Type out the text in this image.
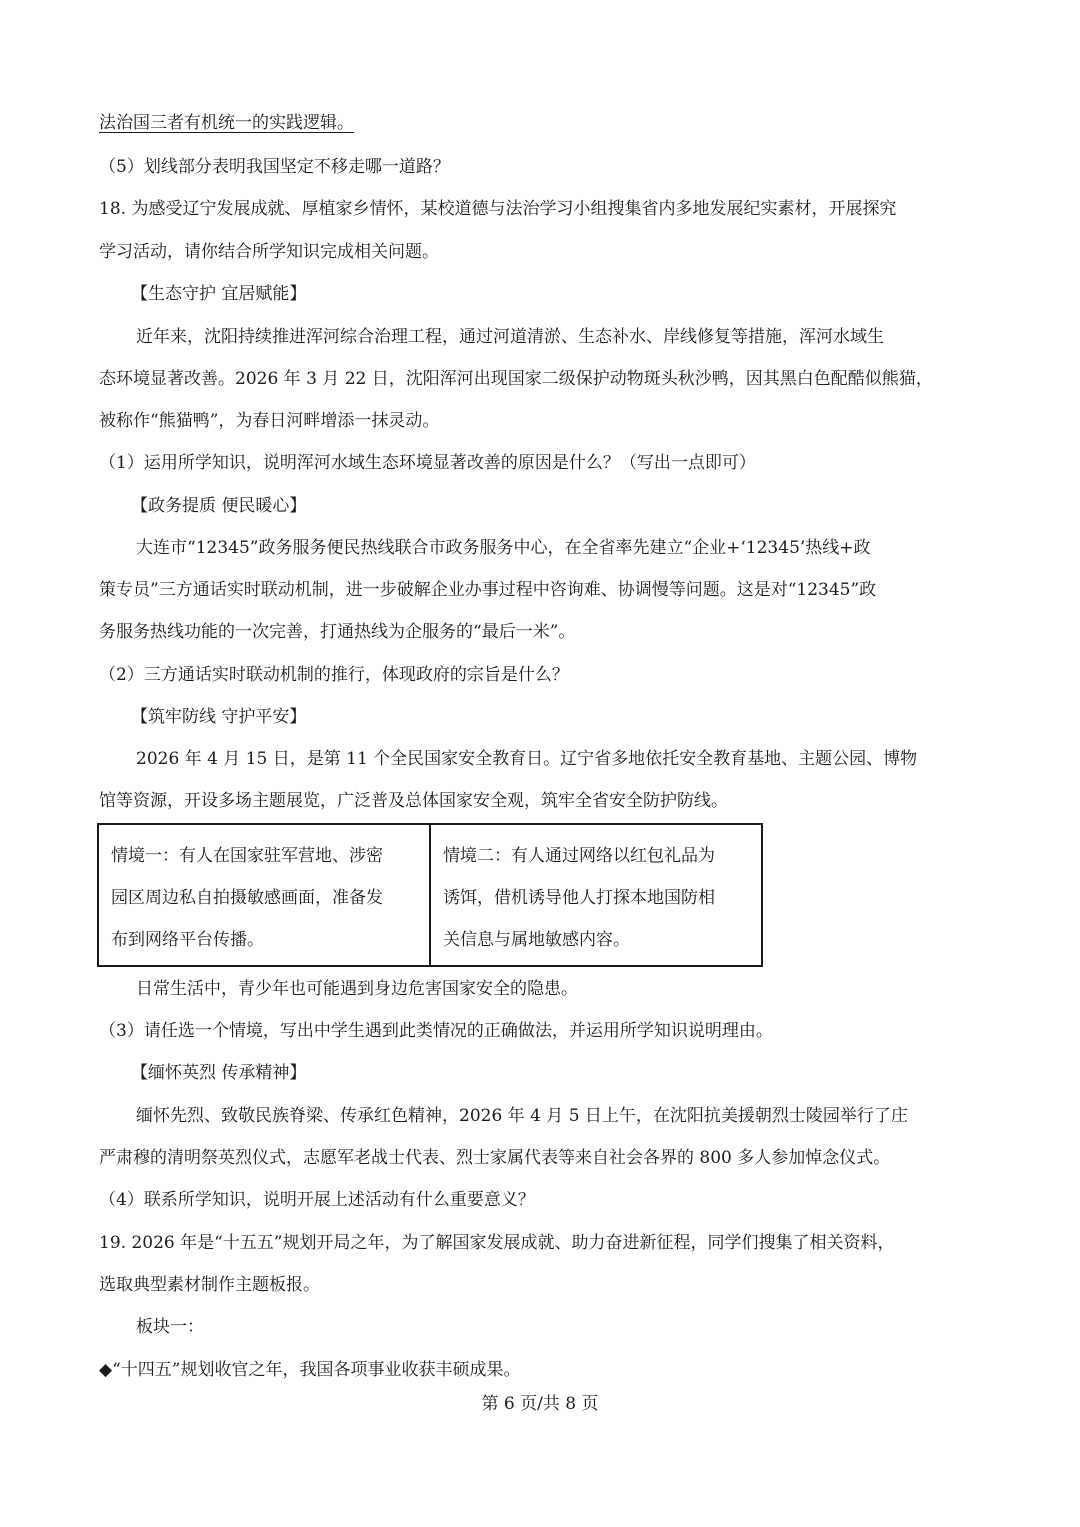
法治国三者有机统一的实践逻辑。
（5）划线部分表明我国坚定不移走哪一道路？
18. 为感受辽宁发展成就、厚植家乡情怀，某校道德与法治学习小组搜集省内多地发展纪实素材，开展探究
学习活动，请你结合所学知识完成相关问题。
【生态守护 宜居赋能】
近年来，沈阳持续推进浑河综合治理工程，通过河道清淤、生态补水、岸线修复等措施，浑河水域生
态环境显著改善。2026 年 3 月 22 日，沈阳浑河出现国家二级保护动物斑头秋沙鸭，因其黑白色配酷似熊猫，
被称作“熊猫鸭”，为春日河畔增添一抹灵动。
（1）运用所学知识，说明浑河水域生态环境显著改善的原因是什么？（写出一点即可）
【政务提质 便民暖心】
大连市“12345”政务服务便民热线联合市政务服务中心，在全省率先建立“企业+‘12345’热线+政
策专员”三方通话实时联动机制，进一步破解企业办事过程中咨询难、协调慢等问题。这是对“12345”政
务服务热线功能的一次完善，打通热线为企服务的“最后一米”。
（2）三方通话实时联动机制的推行，体现政府的宗旨是什么？
【筑牢防线 守护平安】
2026 年 4 月 15 日，是第 11 个全民国家安全教育日。辽宁省多地依托安全教育基地、主题公园、博物
馆等资源，开设多场主题展览，广泛普及总体国家安全观，筑牢全省安全防护防线。
情境一：有人在国家驻军营地、涉密
园区周边私自拍摄敏感画面，准备发
布到网络平台传播。

情境二：有人通过网络以红包礼品为
诱饵，借机诱导他人打探本地国防相
关信息与属地敏感内容。
日常生活中，青少年也可能遇到身边危害国家安全的隐患。
（3）请任选一个情境，写出中学生遇到此类情况的正确做法，并运用所学知识说明理由。
【缅怀英烈 传承精神】
缅怀先烈、致敬民族脊梁、传承红色精神，2026 年 4 月 5 日上午，在沈阳抗美援朝烈士陵园举行了庄
严肃穆的清明祭英烈仪式，志愿军老战士代表、烈士家属代表等来自社会各界的 800 多人参加悼念仪式。
（4）联系所学知识，说明开展上述活动有什么重要意义？
19. 2026 年是“十五五”规划开局之年，为了解国家发展成就、助力奋进新征程，同学们搜集了相关资料，
选取典型素材制作主题板报。
板块一：
◆“十四五”规划收官之年，我国各项事业收获丰硕成果。
第 6 页/共 8 页
